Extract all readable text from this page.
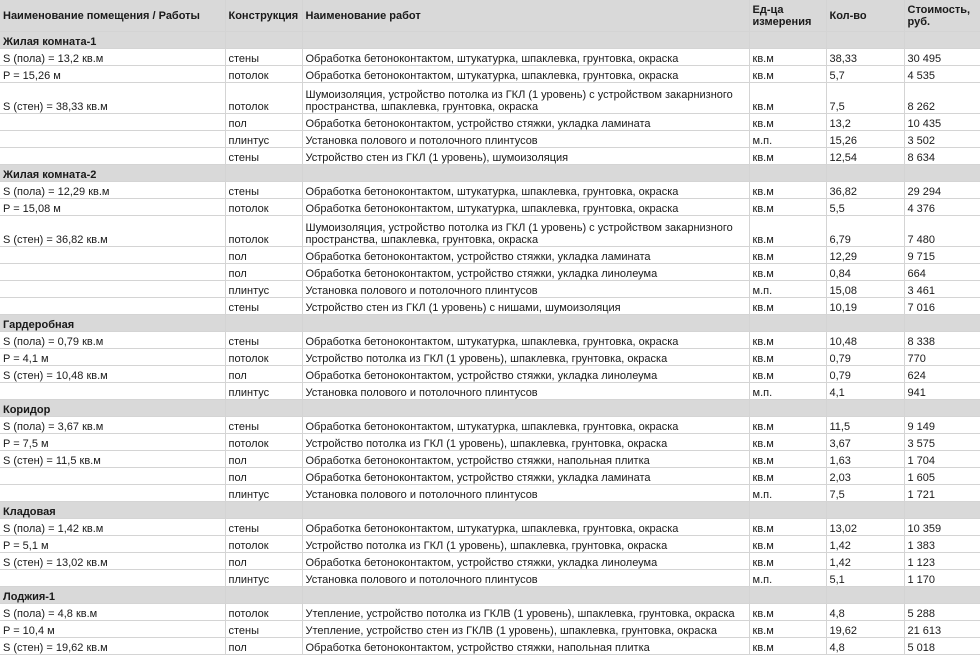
Наименование помещения / Работы	Конструкция	Наименование работ	Ед-ца измерения	Кол-во	Стоимость, руб.
Жилая комната-1					
S (пола) = 13,2 кв.м	стены	Обработка бетоноконтактом, штукатурка, шпаклевка, грунтовка, окраска	кв.м	38,33	30 495
P = 15,26 м	потолок	Обработка бетоноконтактом, штукатурка, шпаклевка, грунтовка, окраска	кв.м	5,7	4 535
S (стен) = 38,33 кв.м	потолок	Шумоизоляция, устройство потолка из ГКЛ (1 уровень) с устройством закарнизного пространства, шпаклевка, грунтовка, окраска	кв.м	7,5	8 262
	пол	Обработка бетоноконтактом, устройство стяжки, укладка ламината	кв.м	13,2	10 435
	плинтус	Установка полового и потолочного плинтусов	м.п.	15,26	3 502
	стены	Устройство стен из ГКЛ (1 уровень), шумоизоляция	кв.м	12,54	8 634
Жилая комната-2					
S (пола) = 12,29 кв.м	стены	Обработка бетоноконтактом, штукатурка, шпаклевка, грунтовка, окраска	кв.м	36,82	29 294
P = 15,08 м	потолок	Обработка бетоноконтактом, штукатурка, шпаклевка, грунтовка, окраска	кв.м	5,5	4 376
S (стен) = 36,82 кв.м	потолок	Шумоизоляция, устройство потолка из ГКЛ (1 уровень) с устройством закарнизного пространства, шпаклевка, грунтовка, окраска	кв.м	6,79	7 480
	пол	Обработка бетоноконтактом, устройство стяжки, укладка ламината	кв.м	12,29	9 715
	пол	Обработка бетоноконтактом, устройство стяжки, укладка линолеума	кв.м	0,84	664
	плинтус	Установка полового и потолочного плинтусов	м.п.	15,08	3 461
	стены	Устройство стен из ГКЛ (1 уровень) с нишами, шумоизоляция	кв.м	10,19	7 016
Гардеробная					
S (пола) = 0,79 кв.м	стены	Обработка бетоноконтактом, штукатурка, шпаклевка, грунтовка, окраска	кв.м	10,48	8 338
P = 4,1 м	потолок	Устройство потолка из ГКЛ (1 уровень), шпаклевка, грунтовка, окраска	кв.м	0,79	770
S (стен) = 10,48 кв.м	пол	Обработка бетоноконтактом, устройство стяжки, укладка линолеума	кв.м	0,79	624
	плинтус	Установка полового и потолочного плинтусов	м.п.	4,1	941
Коридор					
S (пола) = 3,67 кв.м	стены	Обработка бетоноконтактом, штукатурка, шпаклевка, грунтовка, окраска	кв.м	11,5	9 149
P = 7,5 м	потолок	Устройство потолка из ГКЛ (1 уровень), шпаклевка, грунтовка, окраска	кв.м	3,67	3 575
S (стен) = 11,5 кв.м	пол	Обработка бетоноконтактом, устройство стяжки, напольная плитка	кв.м	1,63	1 704
	пол	Обработка бетоноконтактом, устройство стяжки, укладка ламината	кв.м	2,03	1 605
	плинтус	Установка полового и потолочного плинтусов	м.п.	7,5	1 721
Кладовая					
S (пола) = 1,42 кв.м	стены	Обработка бетоноконтактом, штукатурка, шпаклевка, грунтовка, окраска	кв.м	13,02	10 359
P = 5,1 м	потолок	Устройство потолка из ГКЛ (1 уровень), шпаклевка, грунтовка, окраска	кв.м	1,42	1 383
S (стен) = 13,02 кв.м	пол	Обработка бетоноконтактом, устройство стяжки, укладка линолеума	кв.м	1,42	1 123
	плинтус	Установка полового и потолочного плинтусов	м.п.	5,1	1 170
Лоджия-1					
S (пола) = 4,8 кв.м	потолок	Утепление, устройство потолка из ГКЛВ (1 уровень), шпаклевка, грунтовка, окраска	кв.м	4,8	5 288
P = 10,4 м	стены	Утепление, устройство стен из ГКЛВ (1 уровень), шпаклевка, грунтовка, окраска	кв.м	19,62	21 613
S (стен) = 19,62 кв.м	пол	Обработка бетоноконтактом, устройство стяжки, напольная плитка	кв.м	4,8	5 018
